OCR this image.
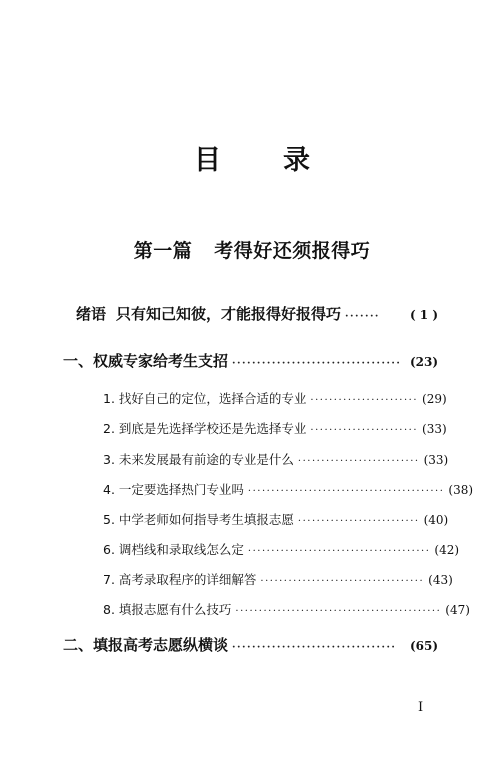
目 录
第一篇 考得好还须报得巧
绪语 只有知己知彼，才能报得好报得巧 ·······	( 1 )
一、权威专家给考生支招 ·································· (23)
1. 找好自己的定位，选择合适的专业 ······················· (29)
2. 到底是先选择学校还是先选择专业 ······················· (33)
3. 未来发展最有前途的专业是什么 ·························· (33)
4. 一定要选择热门专业吗 ·········································· (38)
5. 中学老师如何指导考生填报志愿 ·························· (40)
6. 调档线和录取线怎么定 ······································· (42)
7. 高考录取程序的详细解答 ··································· (43)
8. 填报志愿有什么技巧 ············································ (47)
二、填报高考志愿纵横谈 ·································	(65)
I
